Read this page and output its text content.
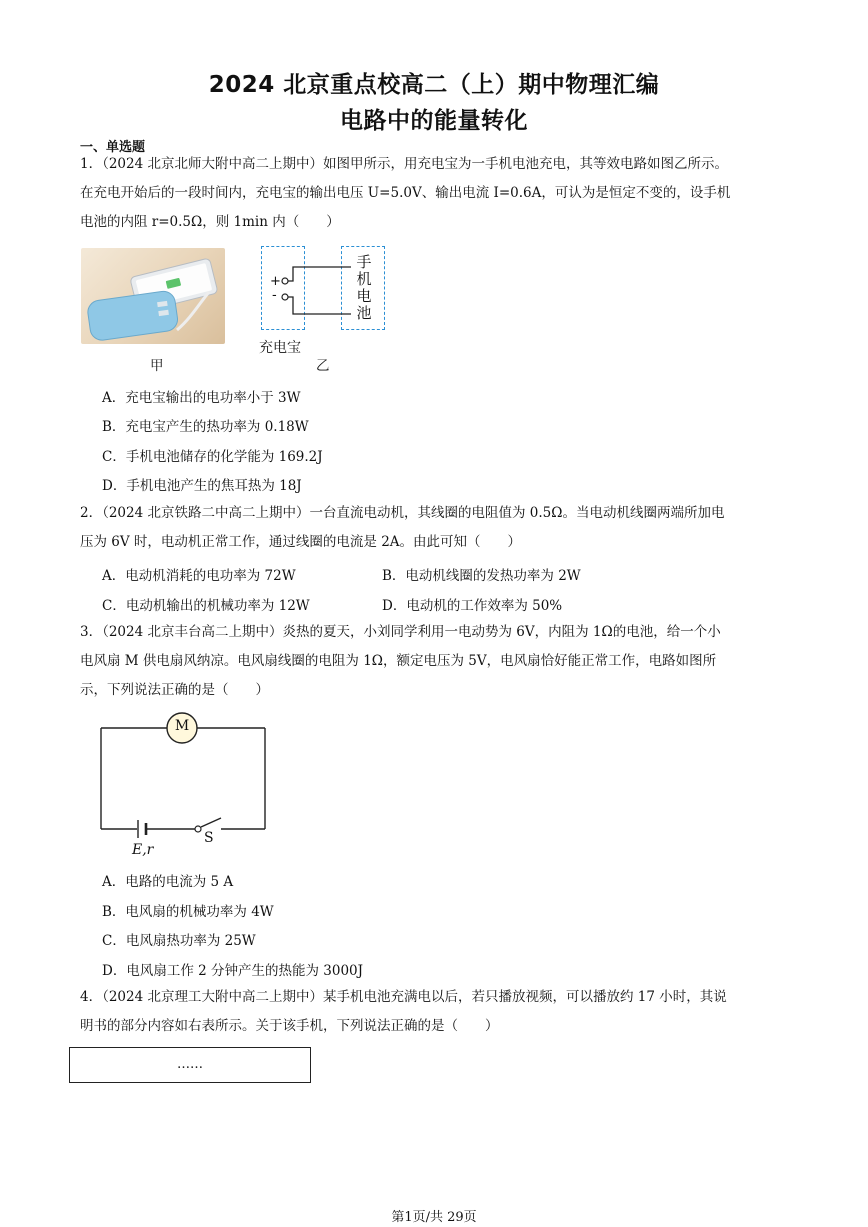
2024 北京重点校高二（上）期中物理汇编
电路中的能量转化
一、单选题
1．（2024 北京北师大附中高二上期中）如图甲所示，用充电宝为一手机电池充电，其等效电路如图乙所示。
在充电开始后的一段时间内，充电宝的输出电压 U=5.0V、输出电流 I=0.6A，可认为是恒定不变的，设手机
电池的内阻 r=0.5Ω，则 1min 内（　　）
甲
+
-
手
机
电
池
充电宝
乙
A．充电宝输出的电功率小于 3W
B．充电宝产生的热功率为 0.18W
C．手机电池储存的化学能为 169.2J
D．手机电池产生的焦耳热为 18J
2．（2024 北京铁路二中高二上期中）一台直流电动机，其线圈的电阻值为 0.5Ω。当电动机线圈两端所加电
压为 6V 时，电动机正常工作，通过线圈的电流是 2A。由此可知（　　）
A．电动机消耗的电功率为 72W	B．电动机线圈的发热功率为 2W
C．电动机输出的机械功率为 12W	D．电动机的工作效率为 50%
3．（2024 北京丰台高二上期中）炎热的夏天，小刘同学利用一电动势为 6V，内阻为 1Ω的电池，给一个小
电风扇 M 供电扇风纳凉。电风扇线圈的电阻为 1Ω，额定电压为 5V，电风扇恰好能正常工作，电路如图所
示，下列说法正确的是（　　）
M
S
E,r
A．电路的电流为 5 A
B．电风扇的机械功率为 4W
C．电风扇热功率为 25W
D．电风扇工作 2 分钟产生的热能为 3000J
4．（2024 北京理工大附中高二上期中）某手机电池充满电以后，若只播放视频，可以播放约 17 小时，其说
明书的部分内容如右表所示。关于该手机，下列说法正确的是（　　）
……
第1页/共 29页
